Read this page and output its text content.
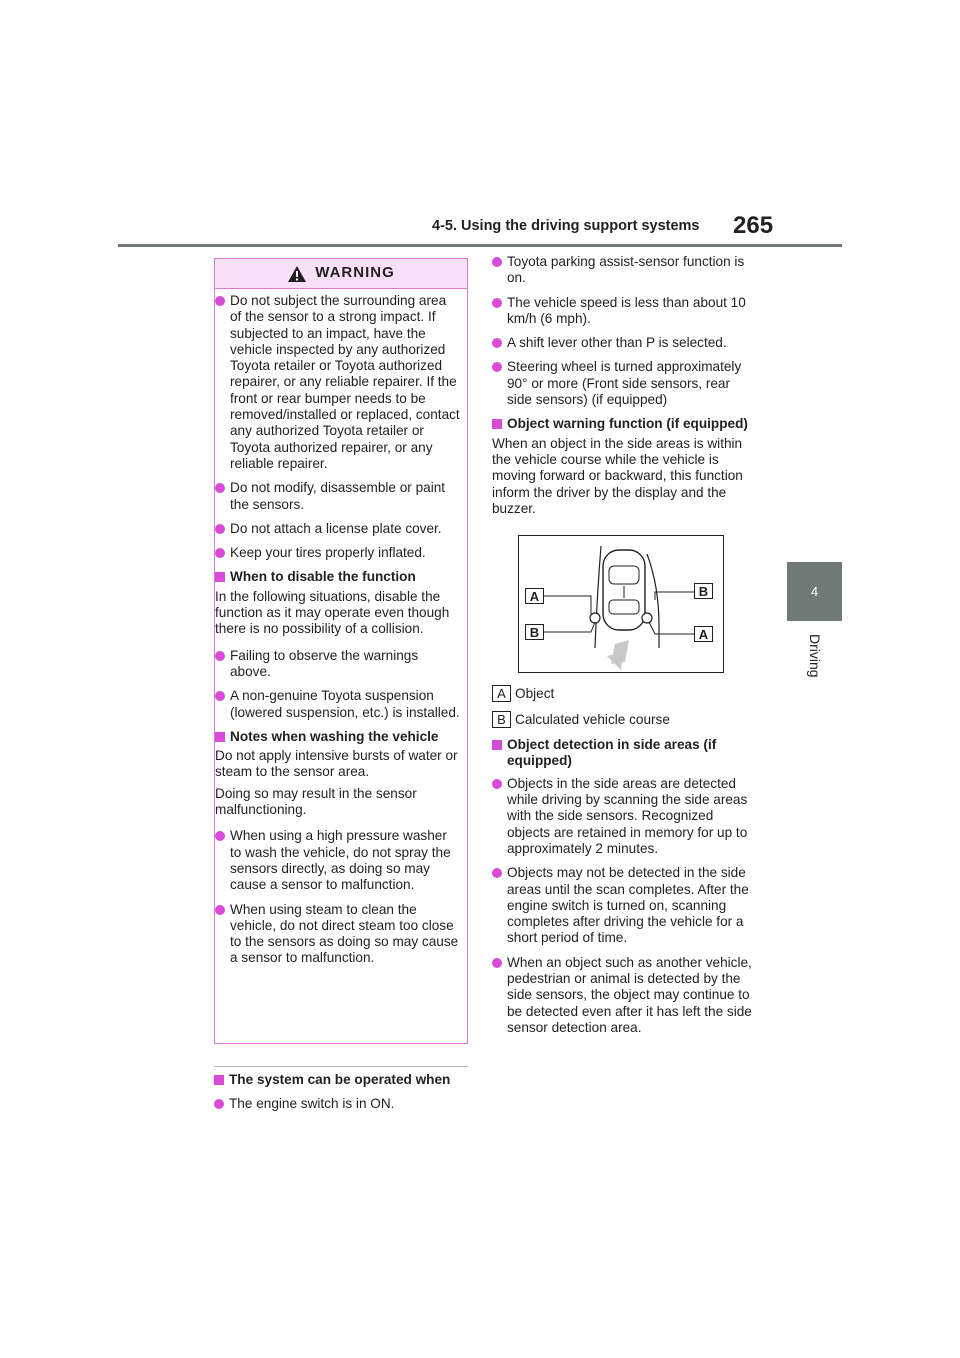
4-5. Using the driving support systems 265
4
Driving
WARNING
Do not subject the surrounding area of the sensor to a strong impact. If subjected to an impact, have the vehicle inspected by any authorized Toyota retailer or Toyota authorized repairer, or any reliable repairer. If the front or rear bumper needs to be removed/installed or replaced, contact any authorized Toyota retailer or Toyota authorized repairer, or any reliable repairer.
Do not modify, disassemble or paint the sensors.
Do not attach a license plate cover.
Keep your tires properly inflated.
When to disable the function
In the following situations, disable the function as it may operate even though there is no possibility of a collision.
Failing to observe the warnings above.
A non-genuine Toyota suspension (lowered suspension, etc.) is installed.
Notes when washing the vehicle
Do not apply intensive bursts of water or steam to the sensor area.
Doing so may result in the sensor malfunctioning.
When using a high pressure washer to wash the vehicle, do not spray the sensors directly, as doing so may cause a sensor to malfunction.
When using steam to clean the vehicle, do not direct steam too close to the sensors as doing so may cause a sensor to malfunction.
The system can be operated when
The engine switch is in ON.
Toyota parking assist-sensor function is on.
The vehicle speed is less than about 10 km/h (6 mph).
A shift lever other than P is selected.
Steering wheel is turned approximately 90° or more (Front side sensors, rear side sensors) (if equipped)
Object warning function (if equipped)
When an object in the side areas is within the vehicle course while the vehicle is moving forward or backward, this function inform the driver by the display and the buzzer.
A	B
B	A
A Object
B Calculated vehicle course
Object detection in side areas (if equipped)
Objects in the side areas are detected while driving by scanning the side areas with the side sensors. Recognized objects are retained in memory for up to approximately 2 minutes.
Objects may not be detected in the side areas until the scan completes. After the engine switch is turned on, scanning completes after driving the vehicle for a short period of time.
When an object such as another vehicle, pedestrian or animal is detected by the side sensors, the object may continue to be detected even after it has left the side sensor detection area.
